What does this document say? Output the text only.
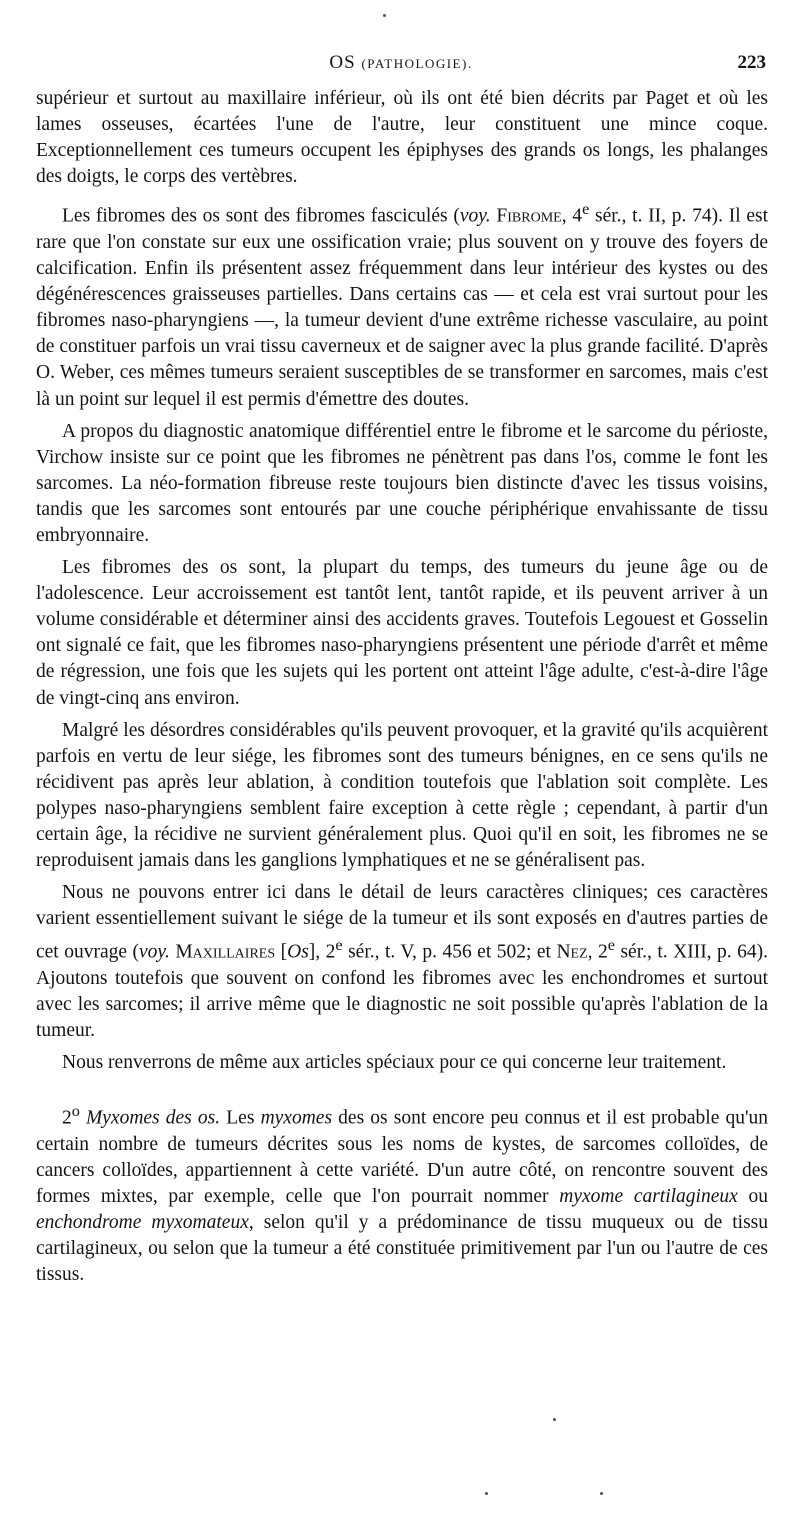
OS (PATHOLOGIE).	223

supérieur et surtout au maxillaire inférieur, où ils ont été bien décrits par Paget et où les lames osseuses, écartées l'une de l'autre, leur constituent une mince coque. Exceptionnellement ces tumeurs occupent les épiphyses des grands os longs, les phalanges des doigts, le corps des vertèbres.

Les fibromes des os sont des fibromes fasciculés (voy. Fibrome, 4e sér., t. II, p. 74). Il est rare que l'on constate sur eux une ossification vraie; plus souvent on y trouve des foyers de calcification. Enfin ils présentent assez fréquemment dans leur intérieur des kystes ou des dégénérescences graisseuses partielles. Dans certains cas — et cela est vrai surtout pour les fibromes naso-pharyngiens —, la tumeur devient d'une extrême richesse vasculaire, au point de constituer parfois un vrai tissu caverneux et de saigner avec la plus grande facilité. D'après O. Weber, ces mêmes tumeurs seraient susceptibles de se transformer en sarcomes, mais c'est là un point sur lequel il est permis d'émettre des doutes.

A propos du diagnostic anatomique différentiel entre le fibrome et le sarcome du périoste, Virchow insiste sur ce point que les fibromes ne pénètrent pas dans l'os, comme le font les sarcomes. La néo-formation fibreuse reste toujours bien distincte d'avec les tissus voisins, tandis que les sarcomes sont entourés par une couche périphérique envahissante de tissu embryonnaire.

Les fibromes des os sont, la plupart du temps, des tumeurs du jeune âge ou de l'adolescence. Leur accroissement est tantôt lent, tantôt rapide, et ils peuvent arriver à un volume considérable et déterminer ainsi des accidents graves. Toutefois Legouest et Gosselin ont signalé ce fait, que les fibromes naso-pharyngiens présentent une période d'arrêt et même de régression, une fois que les sujets qui les portent ont atteint l'âge adulte, c'est-à-dire l'âge de vingt-cinq ans environ.

Malgré les désordres considérables qu'ils peuvent provoquer, et la gravité qu'ils acquièrent parfois en vertu de leur siége, les fibromes sont des tumeurs bénignes, en ce sens qu'ils ne récidivent pas après leur ablation, à condition toutefois que l'ablation soit complète. Les polypes naso-pharyngiens semblent faire exception à cette règle ; cependant, à partir d'un certain âge, la récidive ne survient généralement plus. Quoi qu'il en soit, les fibromes ne se reproduisent jamais dans les ganglions lymphatiques et ne se généralisent pas.

Nous ne pouvons entrer ici dans le détail de leurs caractères cliniques; ces caractères varient essentiellement suivant le siége de la tumeur et ils sont exposés en d'autres parties de cet ouvrage (voy. Maxillaires [Os], 2e sér., t. V, p. 456 et 502; et Nez, 2e sér., t. XIII, p. 64). Ajoutons toutefois que souvent on confond les fibromes avec les enchondromes et surtout avec les sarcomes; il arrive même que le diagnostic ne soit possible qu'après l'ablation de la tumeur.

Nous renverrons de même aux articles spéciaux pour ce qui concerne leur traitement.

2$^o$ Myxomes des os. Les myxomes des os sont encore peu connus et il est probable qu'un certain nombre de tumeurs décrites sous les noms de kystes, de sarcomes colloïdes, de cancers colloïdes, appartiennent à cette variété. D'un autre côté, on rencontre souvent des formes mixtes, par exemple, celle que l'on pourrait nommer myxome cartilagineux ou enchondrome myxomateux, selon qu'il y a prédominance de tissu muqueux ou de tissu cartilagineux, ou selon que la tumeur a été constituée primitivement par l'un ou l'autre de ces tissus.
